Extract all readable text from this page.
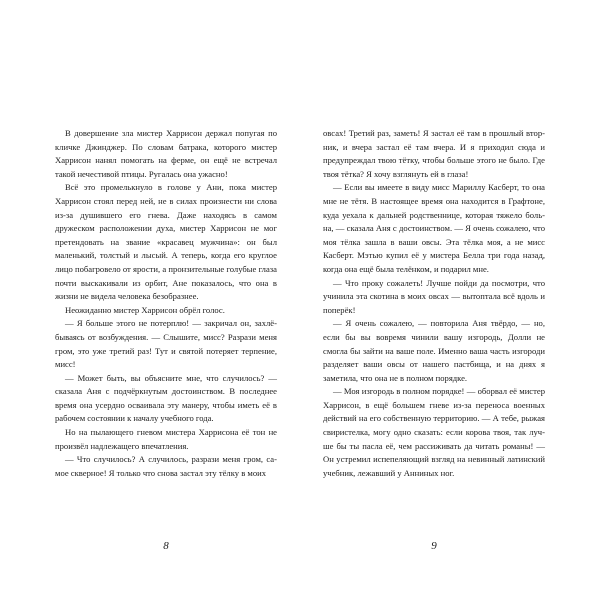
В довершение зла мистер Харрисон держал попугая по кличке Джинджер. По словам батрака, которого мистер Харрисон нанял помогать на ферме, он ещё не встречал такой нечестивой птицы. Ругалась она ужасно!

Всё это промелькнуло в голове у Ани, пока мистер Харрисон стоял перед ней, не в силах произнести ни слова из-за душившего его гнева. Даже находясь в самом дружеском расположении духа, мистер Харрисон не мог претендовать на звание «красавец мужчина»: он был маленький, толстый и лысый. А теперь, когда его круглое лицо побагровело от ярости, а пронзительные голубые глаза почти выскакивали из орбит, Ане показалось, что она в жизни не видела человека безобразнее.

Неожиданно мистер Харрисон обрёл голос.

— Я больше этого не потерплю! — закричал он, захлёбываясь от возбуждения. — Слышите, мисс? Разрази меня гром, это уже третий раз! Тут и святой потеряет терпение, мисс!

— Может быть, вы объясните мне, что случилось? — сказала Аня с подчёркнутым достоинством. В последнее время она усердно осваивала эту манеру, чтобы иметь её в рабочем состоянии к началу учебного года.

Но на пылающего гневом мистера Харрисона её тон не произвёл надлежащего впечатления.

— Что случилось? А случилось, разрази меня гром, самое скверное! Я только что снова застал эту тёлку в моих

8

овсах! Третий раз, заметь! Я застал её там в прошлый вторник, и вчера застал её там вчера. И я приходил сюда и предупреждал твою тётку, чтобы больше этого не было. Где твоя тётка? Я хочу взглянуть ей в глаза!

— Если вы имеете в виду мисс Мариллу Касберт, то она мне не тётя. В настоящее время она находится в Графтоне, куда уехала к дальней родственнице, которая тяжело больна, — сказала Аня с достоинством. — Я очень сожалею, что моя тёлка зашла в ваши овсы. Эта тёлка моя, а не мисс Касберт. Мэтью купил её у мистера Белла три года назад, когда она ещё была телёнком, и подарил мне.

— Что проку сожалеть! Лучше пойди да посмотри, что учинила эта скотина в моих овсах — вытоптала всё вдоль и поперёк!

— Я очень сожалею, — повторила Аня твёрдо, — но, если бы вы вовремя чинили вашу изгородь, Долли не смогла бы зайти на ваше поле. Именно ваша часть изгороди разделяет ваши овсы от нашего пастбища, и на днях я заметила, что она не в полном порядке.

— Моя изгородь в полном порядке! — оборвал её мистер Харрисон, в ещё большем гневе из-за переноса военных действий на его собственную территорию. — А тебе, рыжая свиристелка, могу одно сказать: если корова твоя, так лучше бы ты пасла её, чем рассиживать да читать романы! — Он устремил испепеляющий взгляд на невинный латинский учебник, лежавший у Анниных ног.

9
